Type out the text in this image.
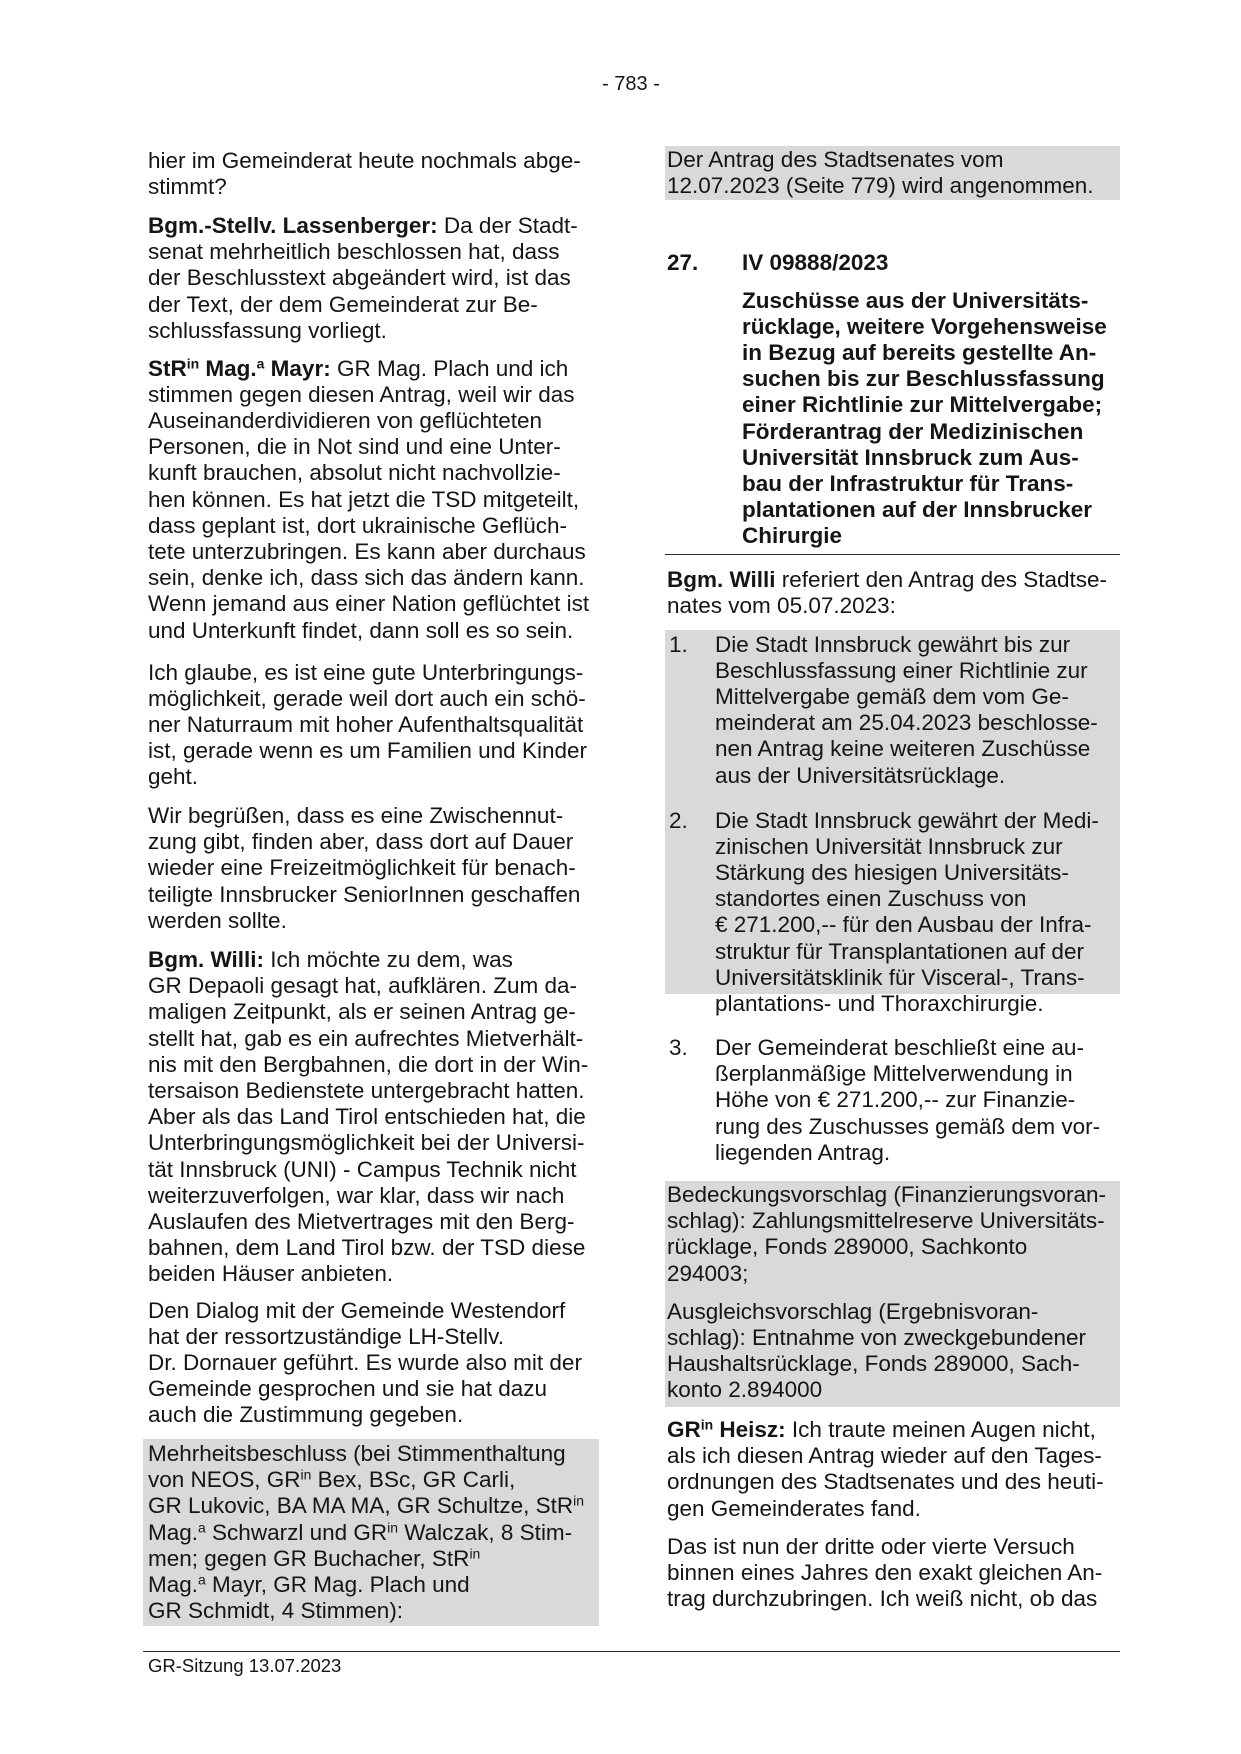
- 783 -
hier im Gemeinderat heute nochmals abge-
stimmt?
Bgm.-Stellv. Lassenberger: Da der Stadt-
senat mehrheitlich beschlossen hat, dass
der Beschlusstext abgeändert wird, ist das
der Text, der dem Gemeinderat zur Be-
schlussfassung vorliegt.
StR$^{in}$ Mag.$^a$ Mayr: GR Mag. Plach und ich
stimmen gegen diesen Antrag, weil wir das
Auseinanderdividieren von geflüchteten
Personen, die in Not sind und eine Unter-
kunft brauchen, absolut nicht nachvollzie-
hen können. Es hat jetzt die TSD mitgeteilt,
dass geplant ist, dort ukrainische Geflüch-
tete unterzubringen. Es kann aber durchaus
sein, denke ich, dass sich das ändern kann.
Wenn jemand aus einer Nation geflüchtet ist
und Unterkunft findet, dann soll es so sein.
Ich glaube, es ist eine gute Unterbringungs-
möglichkeit, gerade weil dort auch ein schö-
ner Naturraum mit hoher Aufenthaltsqualität
ist, gerade wenn es um Familien und Kinder
geht.
Wir begrüßen, dass es eine Zwischennut-
zung gibt, finden aber, dass dort auf Dauer
wieder eine Freizeitmöglichkeit für benach-
teiligte Innsbrucker SeniorInnen geschaffen
werden sollte.
Bgm. Willi: Ich möchte zu dem, was
GR Depaoli gesagt hat, aufklären. Zum da-
maligen Zeitpunkt, als er seinen Antrag ge-
stellt hat, gab es ein aufrechtes Mietverhält-
nis mit den Bergbahnen, die dort in der Win-
tersaison Bedienstete untergebracht hatten.
Aber als das Land Tirol entschieden hat, die
Unterbringungsmöglichkeit bei der Universi-
tät Innsbruck (UNI) - Campus Technik nicht
weiterzuverfolgen, war klar, dass wir nach
Auslaufen des Mietvertrages mit den Berg-
bahnen, dem Land Tirol bzw. der TSD diese
beiden Häuser anbieten.
Den Dialog mit der Gemeinde Westendorf
hat der ressortzuständige LH-Stellv.
Dr. Dornauer geführt. Es wurde also mit der
Gemeinde gesprochen und sie hat dazu
auch die Zustimmung gegeben.
Mehrheitsbeschluss (bei Stimmenthaltung
von NEOS, $GR^{in}$ Bex, BSc, GR Carli,
GR Lukovic, BA MA MA, GR Schultze, StR$^{in}$
Mag.$^a$ Schwarzl und $GR^{in}$ Walczak, 8 Stim-
men; gegen GR Buchacher, StR$^{in}$
Mag.$^a$ Mayr, GR Mag. Plach und
GR Schmidt, 4 Stimmen):
Der Antrag des Stadtsenates vom
12.07.2023 (Seite 779) wird angenommen.
27. IV 09888/2023
Zuschüsse aus der Universitäts-
rücklage, weitere Vorgehensweise
in Bezug auf bereits gestellte An-
suchen bis zur Beschlussfassung
einer Richtlinie zur Mittelvergabe;
Förderantrag der Medizinischen
Universität Innsbruck zum Aus-
bau der Infrastruktur für Trans-
plantationen auf der Innsbrucker
Chirurgie
Bgm. Willi referiert den Antrag des Stadtse-
nates vom 05.07.2023:
1. Die Stadt Innsbruck gewährt bis zur
Beschlussfassung einer Richtlinie zur
Mittelvergabe gemäß dem vom Ge-
meinderat am 25.04.2023 beschlosse-
nen Antrag keine weiteren Zuschüsse
aus der Universitätsrücklage.
2. Die Stadt Innsbruck gewährt der Medi-
zinischen Universität Innsbruck zur
Stärkung des hiesigen Universitäts-
standortes einen Zuschuss von
€ 271.200,-- für den Ausbau der Infra-
struktur für Transplantationen auf der
Universitätsklinik für Visceral-, Trans-
plantations- und Thoraxchirurgie.
3. Der Gemeinderat beschließt eine au-
ßerplanmäßige Mittelverwendung in
Höhe von € 271.200,-- zur Finanzie-
rung des Zuschusses gemäß dem vor-
liegenden Antrag.
Bedeckungsvorschlag (Finanzierungsvoran-
schlag): Zahlungsmittelreserve Universitäts-
rücklage, Fonds 289000, Sachkonto
294003;
Ausgleichsvorschlag (Ergebnisvoran-
schlag): Entnahme von zweckgebundener
Haushaltsrücklage, Fonds 289000, Sach-
konto 2.894000
$GR^{in}$ Heisz: Ich traute meinen Augen nicht,
als ich diesen Antrag wieder auf den Tages-
ordnungen des Stadtsenates und des heuti-
gen Gemeinderates fand.
Das ist nun der dritte oder vierte Versuch
binnen eines Jahres den exakt gleichen An-
trag durchzubringen. Ich weiß nicht, ob das
GR-Sitzung 13.07.2023
